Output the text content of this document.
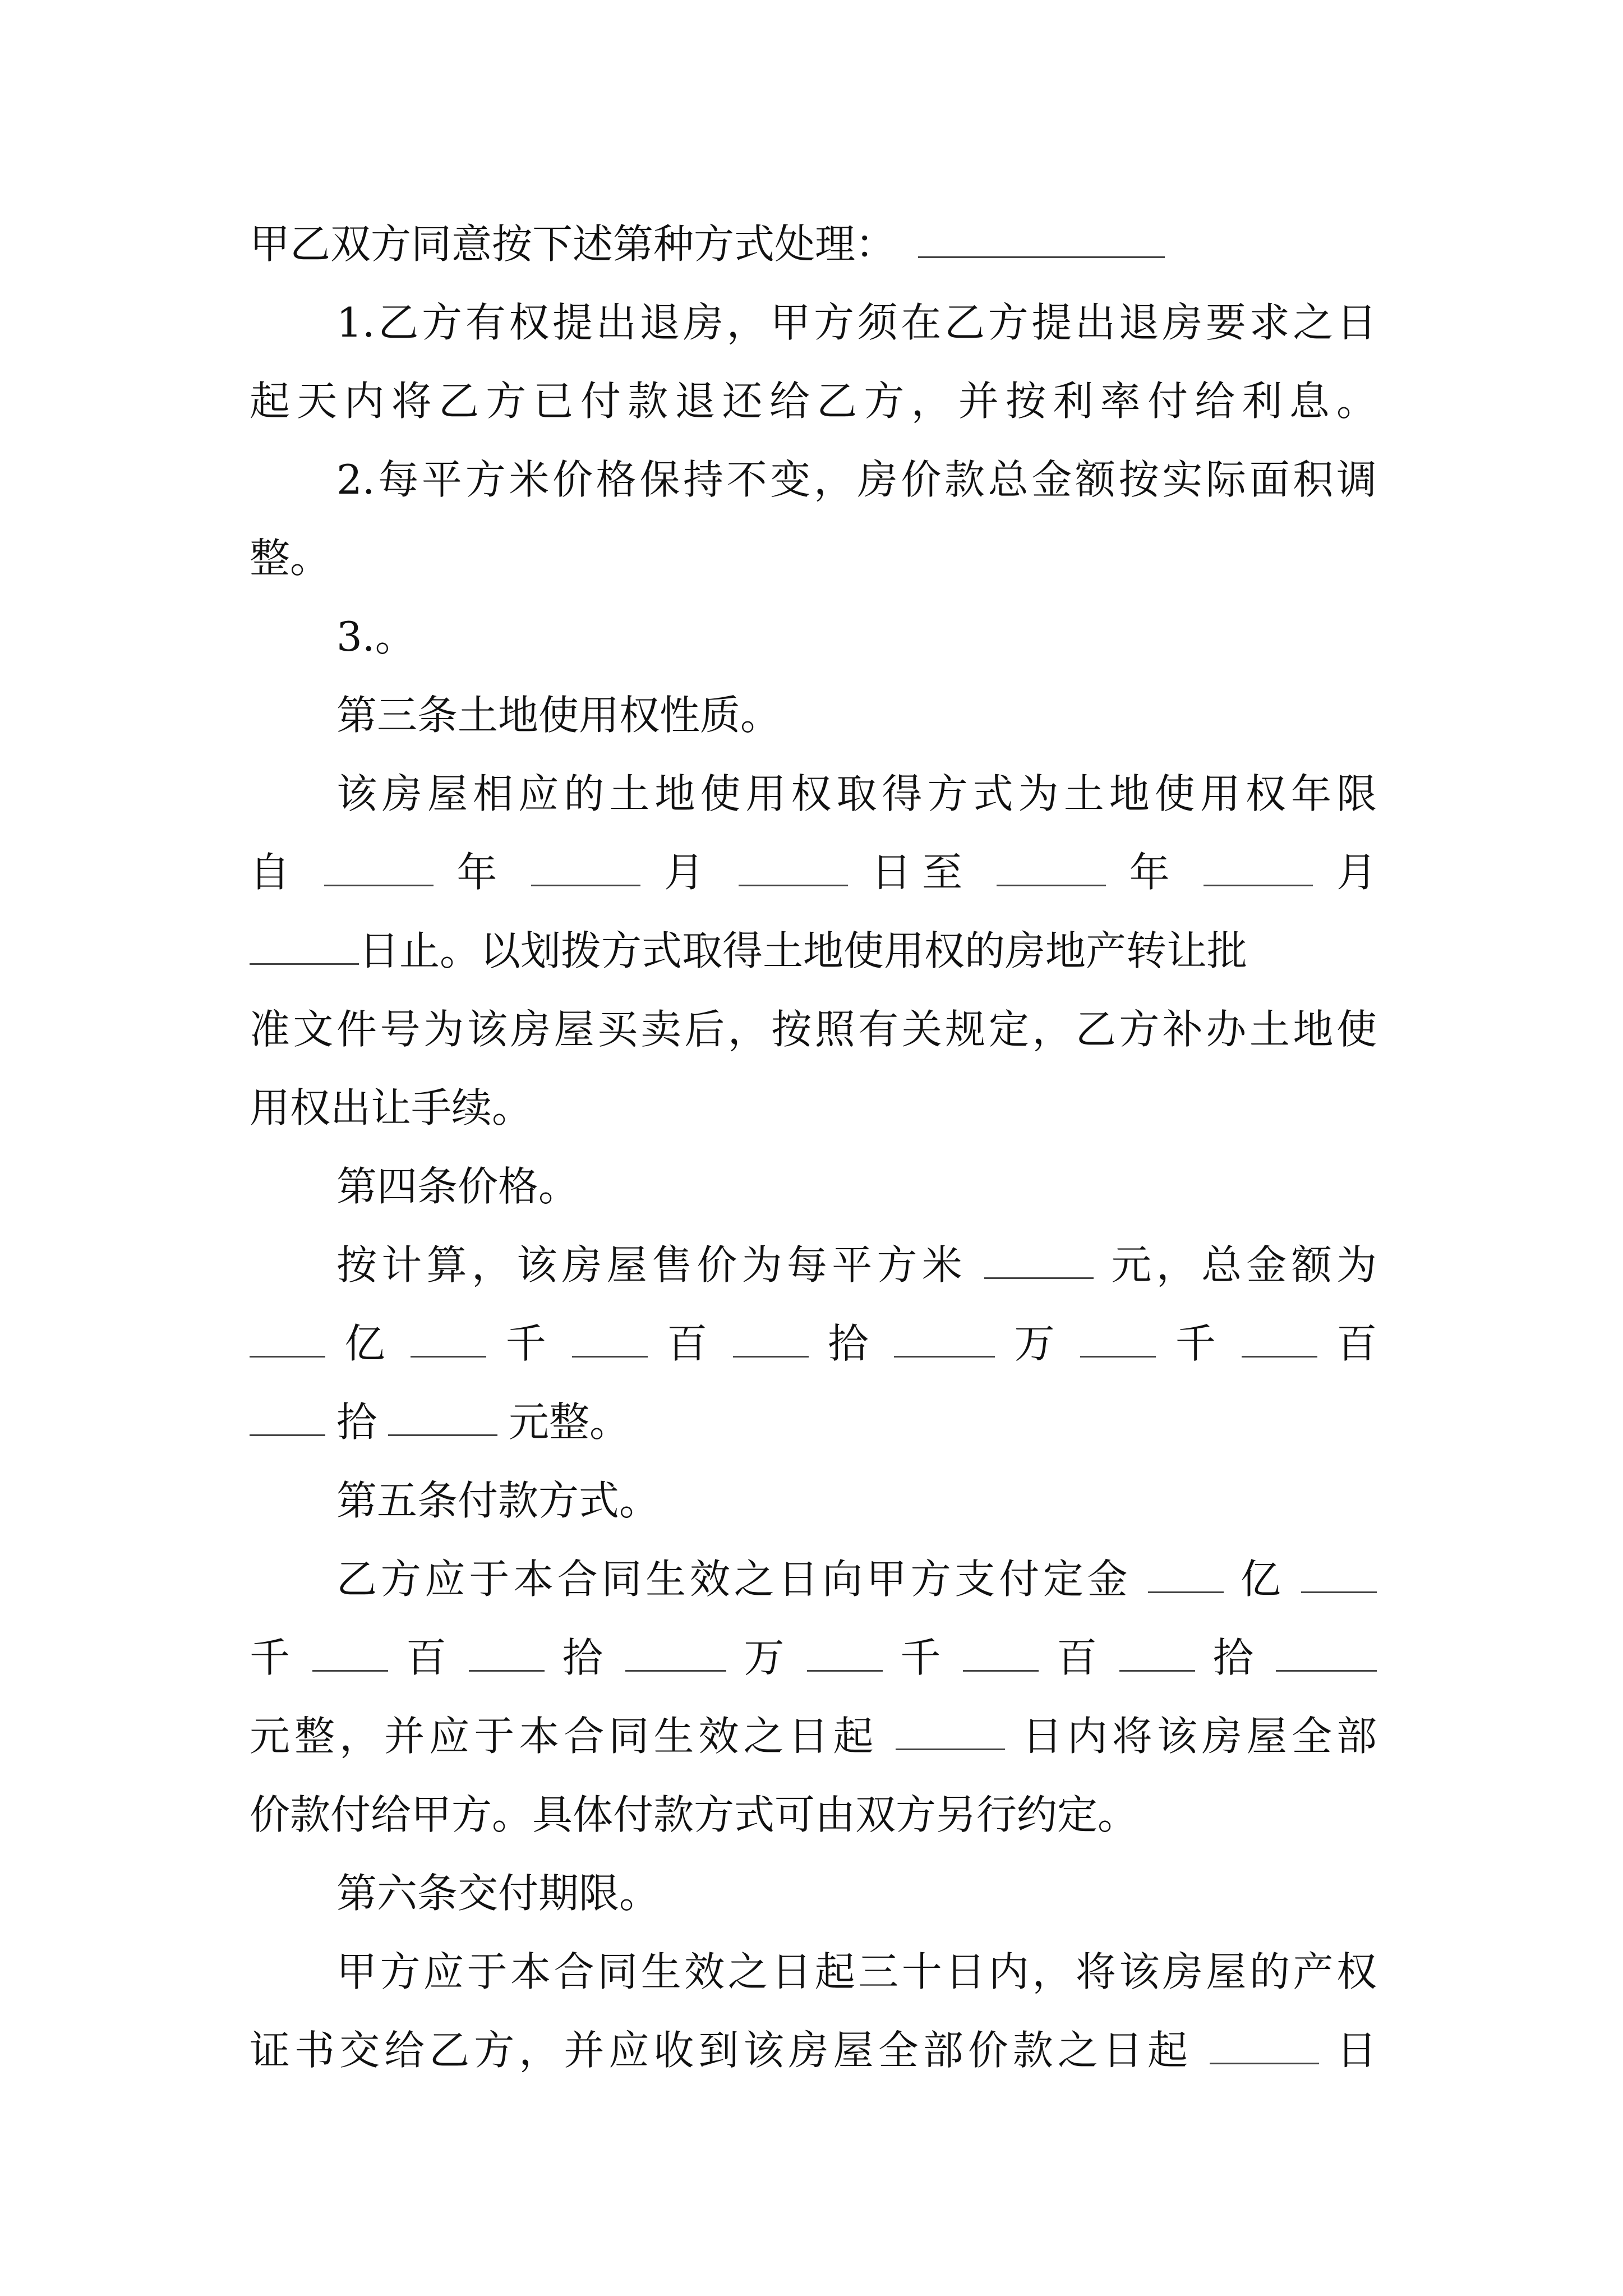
甲乙双方同意按下述第种方式处理：
1.乙方有权提出退房，甲方须在乙方提出退房要求之日
起天内将乙方已付款退还给乙方，并按利率付给利息。
2.每平方米价格保持不变，房价款总金额按实际面积调
整。
3.。
第三条土地使用权性质。
该房屋相应的土地使用权取得方式为土地使用权年限
自	年	月	日至	年	月
日止。以划拨方式取得土地使用权的房地产转让批
准文件号为该房屋买卖后，按照有关规定，乙方补办土地使
用权出让手续。
第四条价格。
按计算，该房屋售价为每平方米	元，总金额为
亿	千	百	拾	万	千	百
拾	元整。
第五条付款方式。
乙方应于本合同生效之日向甲方支付定金	亿
千	百	拾	万	千	百	拾
元整，并应于本合同生效之日起	日内将该房屋全部
价款付给甲方。具体付款方式可由双方另行约定。
第六条交付期限。
甲方应于本合同生效之日起三十日内，将该房屋的产权
证书交给乙方，并应收到该房屋全部价款之日起	日
